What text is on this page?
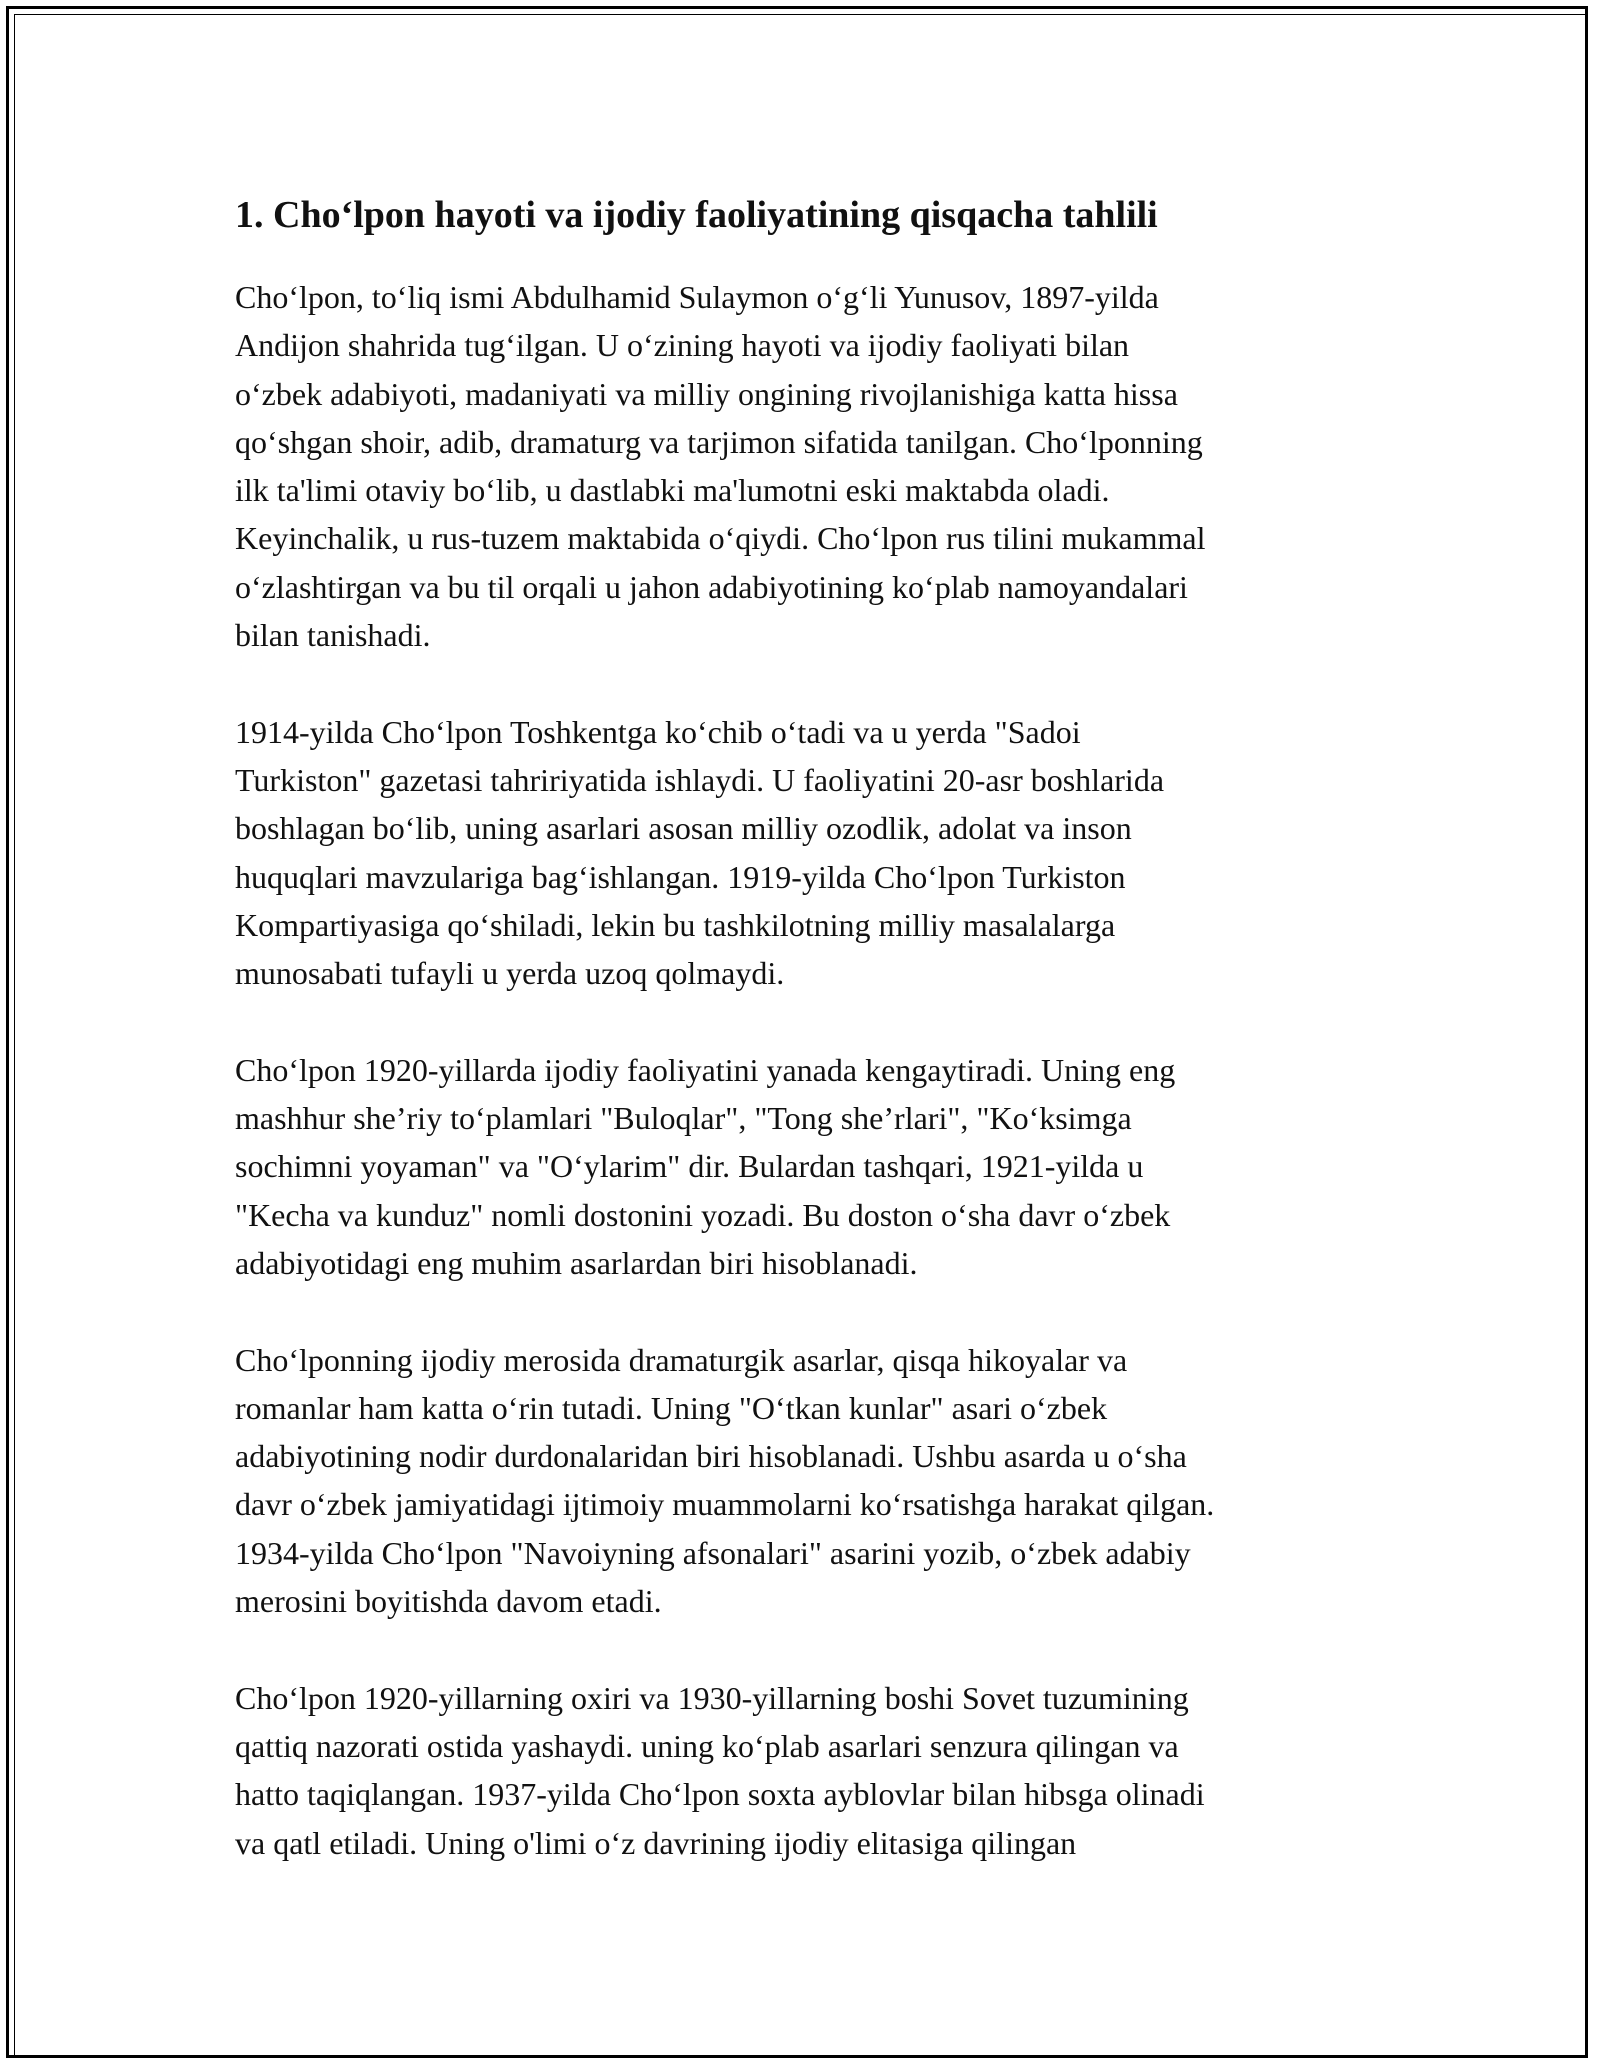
1. Cho‘lpon hayoti va ijodiy faoliyatining qisqacha tahlili

Cho‘lpon, to‘liq ismi Abdulhamid Sulaymon o‘g‘li Yunusov, 1897-yilda
Andijon shahrida tug‘ilgan. U o‘zining hayoti va ijodiy faoliyati bilan
o‘zbek adabiyoti, madaniyati va milliy ongining rivojlanishiga katta hissa
qo‘shgan shoir, adib, dramaturg va tarjimon sifatida tanilgan. Cho‘lponning
ilk ta'limi otaviy bo‘lib, u dastlabki ma'lumotni eski maktabda oladi.
Keyinchalik, u rus-tuzem maktabida o‘qiydi. Cho‘lpon rus tilini mukammal
o‘zlashtirgan va bu til orqali u jahon adabiyotining ko‘plab namoyandalari
bilan tanishadi.

1914-yilda Cho‘lpon Toshkentga ko‘chib o‘tadi va u yerda "Sadoi
Turkiston" gazetasi tahririyatida ishlaydi. U faoliyatini 20-asr boshlarida
boshlagan bo‘lib, uning asarlari asosan milliy ozodlik, adolat va inson
huquqlari mavzulariga bag‘ishlangan. 1919-yilda Cho‘lpon Turkiston
Kompartiyasiga qo‘shiladi, lekin bu tashkilotning milliy masalalarga
munosabati tufayli u yerda uzoq qolmaydi.

Cho‘lpon 1920-yillarda ijodiy faoliyatini yanada kengaytiradi. Uning eng
mashhur she’riy to‘plamlari "Buloqlar", "Tong she’rlari", "Ko‘ksimga
sochimni yoyaman" va "O‘ylarim" dir. Bulardan tashqari, 1921-yilda u
"Kecha va kunduz" nomli dostonini yozadi. Bu doston o‘sha davr o‘zbek
adabiyotidagi eng muhim asarlardan biri hisoblanadi.

Cho‘lponning ijodiy merosida dramaturgik asarlar, qisqa hikoyalar va
romanlar ham katta o‘rin tutadi. Uning "O‘tkan kunlar" asari o‘zbek
adabiyotining nodir durdonalaridan biri hisoblanadi. Ushbu asarda u o‘sha
davr o‘zbek jamiyatidagi ijtimoiy muammolarni ko‘rsatishga harakat qilgan.
1934-yilda Cho‘lpon "Navoiyning afsonalari" asarini yozib, o‘zbek adabiy
merosini boyitishda davom etadi.

Cho‘lpon 1920-yillarning oxiri va 1930-yillarning boshi Sovet tuzumining
qattiq nazorati ostida yashaydi. uning ko‘plab asarlari senzura qilingan va
hatto taqiqlangan. 1937-yilda Cho‘lpon soxta ayblovlar bilan hibsga olinadi
va qatl etiladi. Uning o'limi o‘z davrining ijodiy elitasiga qilingan
